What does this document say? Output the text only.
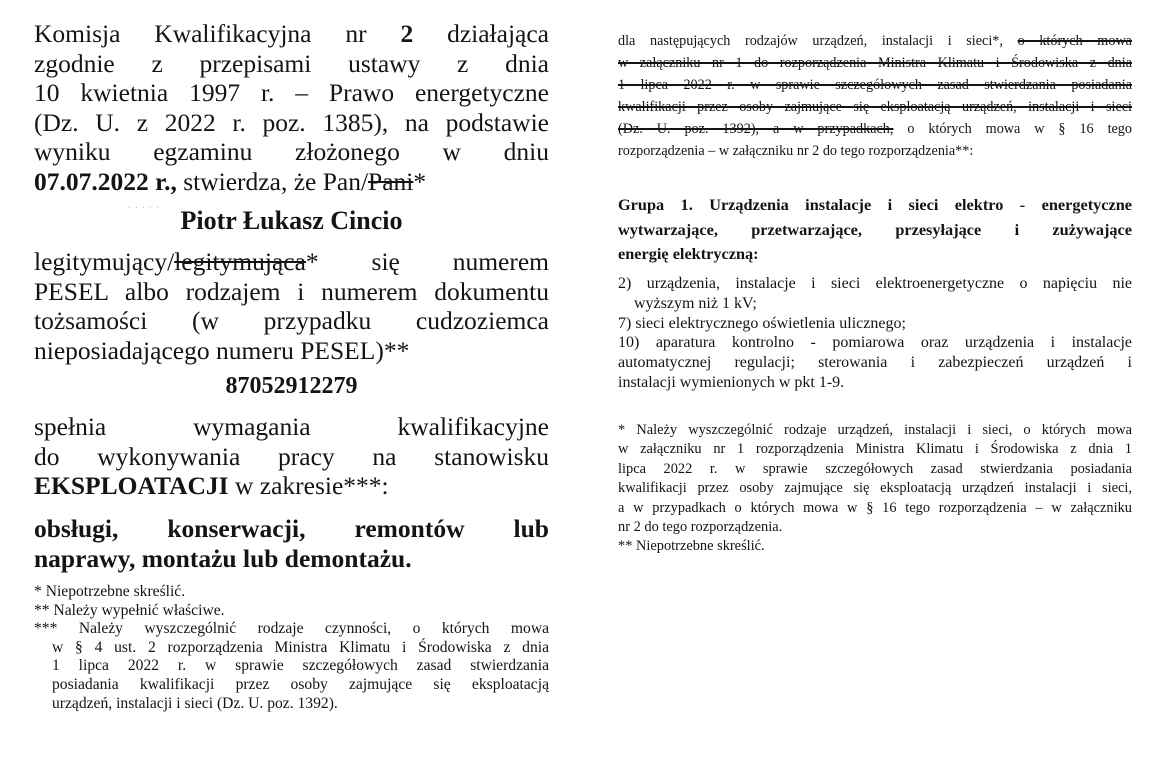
Komisja Kwalifikacyjna nr 2 działająca
zgodnie z przepisami ustawy z dnia
10 kwietnia 1997 r. – Prawo energetyczne
(Dz. U. z 2022 r. poz. 1385), na podstawie
wyniku egzaminu złożonego w dniu
07.07.2022 r., stwierdza, że Pan/Pani*
Piotr Łukasz Cincio
legitymujący/legitymująca* się numerem
PESEL albo rodzajem i numerem dokumentu
tożsamości (w przypadku cudzoziemca
nieposiadającego numeru PESEL)**
87052912279
spełnia wymagania kwalifikacyjne
do wykonywania pracy na stanowisku
EKSPLOATACJI w zakresie***:
obsługi, konserwacji, remontów lub
naprawy, montażu lub demontażu.
* Niepotrzebne skreślić.
** Należy wypełnić właściwe.
*** Należy wyszczególnić rodzaje czynności, o których mowa
w § 4 ust. 2 rozporządzenia Ministra Klimatu i Środowiska z dnia
1 lipca 2022 r. w sprawie szczegółowych zasad stwierdzania
posiadania kwalifikacji przez osoby zajmujące się eksploatacją
urządzeń, instalacji i sieci (Dz. U. poz. 1392).
dla następujących rodzajów urządzeń, instalacji i sieci*, o których mowa
w załączniku nr 1 do rozporządzenia Ministra Klimatu i Środowiska z dnia
1 lipca 2022 r. w sprawie szczegółowych zasad stwierdzania posiadania
kwalifikacji przez osoby zajmujące się eksploatacją urządzeń, instalacji i sieci
(Dz. U. poz. 1392), a w przypadkach, o których mowa w § 16 tego
rozporządzenia – w załączniku nr 2 do tego rozporządzenia**:
Grupa 1. Urządzenia instalacje i sieci elektro - energetyczne
wytwarzające, przetwarzające, przesyłające i zużywające
energię elektryczną:
2) urządzenia, instalacje i sieci elektroenergetyczne o napięciu nie
wyższym niż 1 kV;
7) sieci elektrycznego oświetlenia ulicznego;
10) aparatura kontrolno - pomiarowa oraz urządzenia i instalacje
automatycznej regulacji; sterowania i zabezpieczeń urządzeń i
instalacji wymienionych w pkt 1-9.
* Należy wyszczególnić rodzaje urządzeń, instalacji i sieci, o których mowa
w załączniku nr 1 rozporządzenia Ministra Klimatu i Środowiska z dnia 1
lipca 2022 r. w sprawie szczegółowych zasad stwierdzania posiadania
kwalifikacji przez osoby zajmujące się eksploatacją urządzeń instalacji i sieci,
a w przypadkach o których mowa w § 16 tego rozporządzenia – w załączniku
nr 2 do tego rozporządzenia.
** Niepotrzebne skreślić.
· · · · ·
